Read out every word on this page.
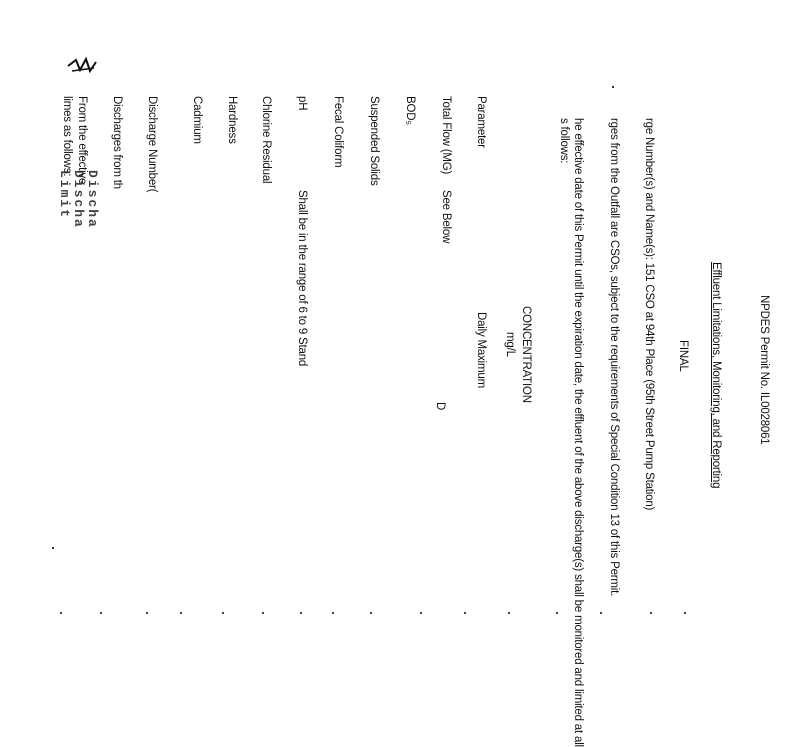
NPDES Permit No. IL0028061
Effluent Limitations, Monitoring, and Reporting
FINAL
rge Number(s) and Name(s): 151 CSO at 94th Place (95th Street Pump Station)
rges from the Outfall are CSOs, subject to the requirements of Special Condition 13 of this Permit.
he effective date of this Permit until the expiration date, the effluent of the above discharge(s) shall be monitored and limited at all
s follows:
CONCENTRATION
mg/L
Daily Maximum
D
Parameter
Total Flow (MG)
See Below
BOD₅
Suspended Solids
Fecal Coliform
pH
Shall be in the range of 6 to 9 Stand
Chlorine Residual
Hardness
Cadmium
Discharge Number(
Discharges from th
From the effective
limes as follows:
Discha
Discha
Limit
